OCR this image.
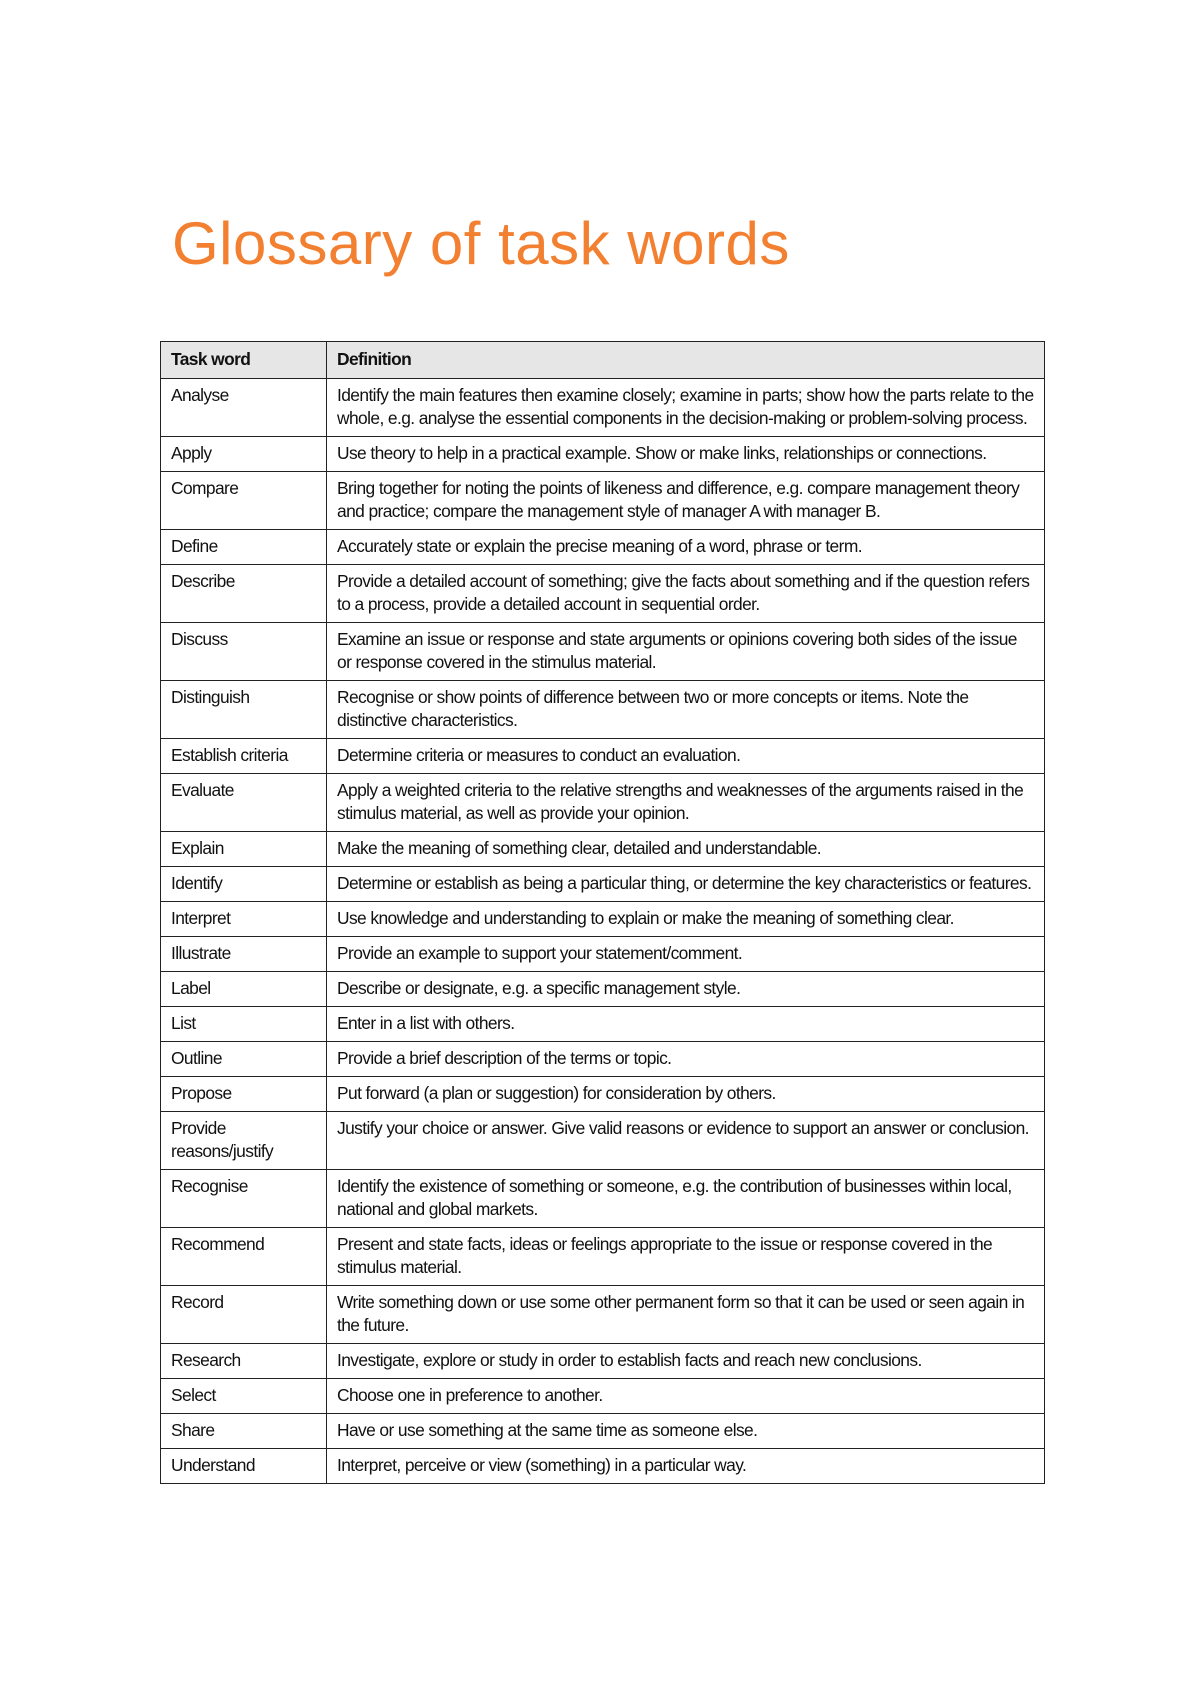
Glossary of task words
Task word	Definition
Analyse	Identify the main features then examine closely; examine in parts; show how the parts relate to the whole, e.g. analyse the essential components in the decision-making or problem-solving process.
Apply	Use theory to help in a practical example. Show or make links, relationships or connections.
Compare	Bring together for noting the points of likeness and difference, e.g. compare management theory and practice; compare the management style of manager A with manager B.
Define	Accurately state or explain the precise meaning of a word, phrase or term.
Describe	Provide a detailed account of something; give the facts about something and if the question refers to a process, provide a detailed account in sequential order.
Discuss	Examine an issue or response and state arguments or opinions covering both sides of the issue or response covered in the stimulus material.
Distinguish	Recognise or show points of difference between two or more concepts or items. Note the distinctive characteristics.
Establish criteria	Determine criteria or measures to conduct an evaluation.
Evaluate	Apply a weighted criteria to the relative strengths and weaknesses of the arguments raised in the stimulus material, as well as provide your opinion.
Explain	Make the meaning of something clear, detailed and understandable.
Identify	Determine or establish as being a particular thing, or determine the key characteristics or features.
Interpret	Use knowledge and understanding to explain or make the meaning of something clear.
Illustrate	Provide an example to support your statement/comment.
Label	Describe or designate, e.g. a specific management style.
List	Enter in a list with others.
Outline	Provide a brief description of the terms or topic.
Propose	Put forward (a plan or suggestion) for consideration by others.
Provide reasons/justify	Justify your choice or answer. Give valid reasons or evidence to support an answer or conclusion.
Recognise	Identify the existence of something or someone, e.g. the contribution of businesses within local, national and global markets.
Recommend	Present and state facts, ideas or feelings appropriate to the issue or response covered in the stimulus material.
Record	Write something down or use some other permanent form so that it can be used or seen again in the future.
Research	Investigate, explore or study in order to establish facts and reach new conclusions.
Select	Choose one in preference to another.
Share	Have or use something at the same time as someone else.
Understand	Interpret, perceive or view (something) in a particular way.
